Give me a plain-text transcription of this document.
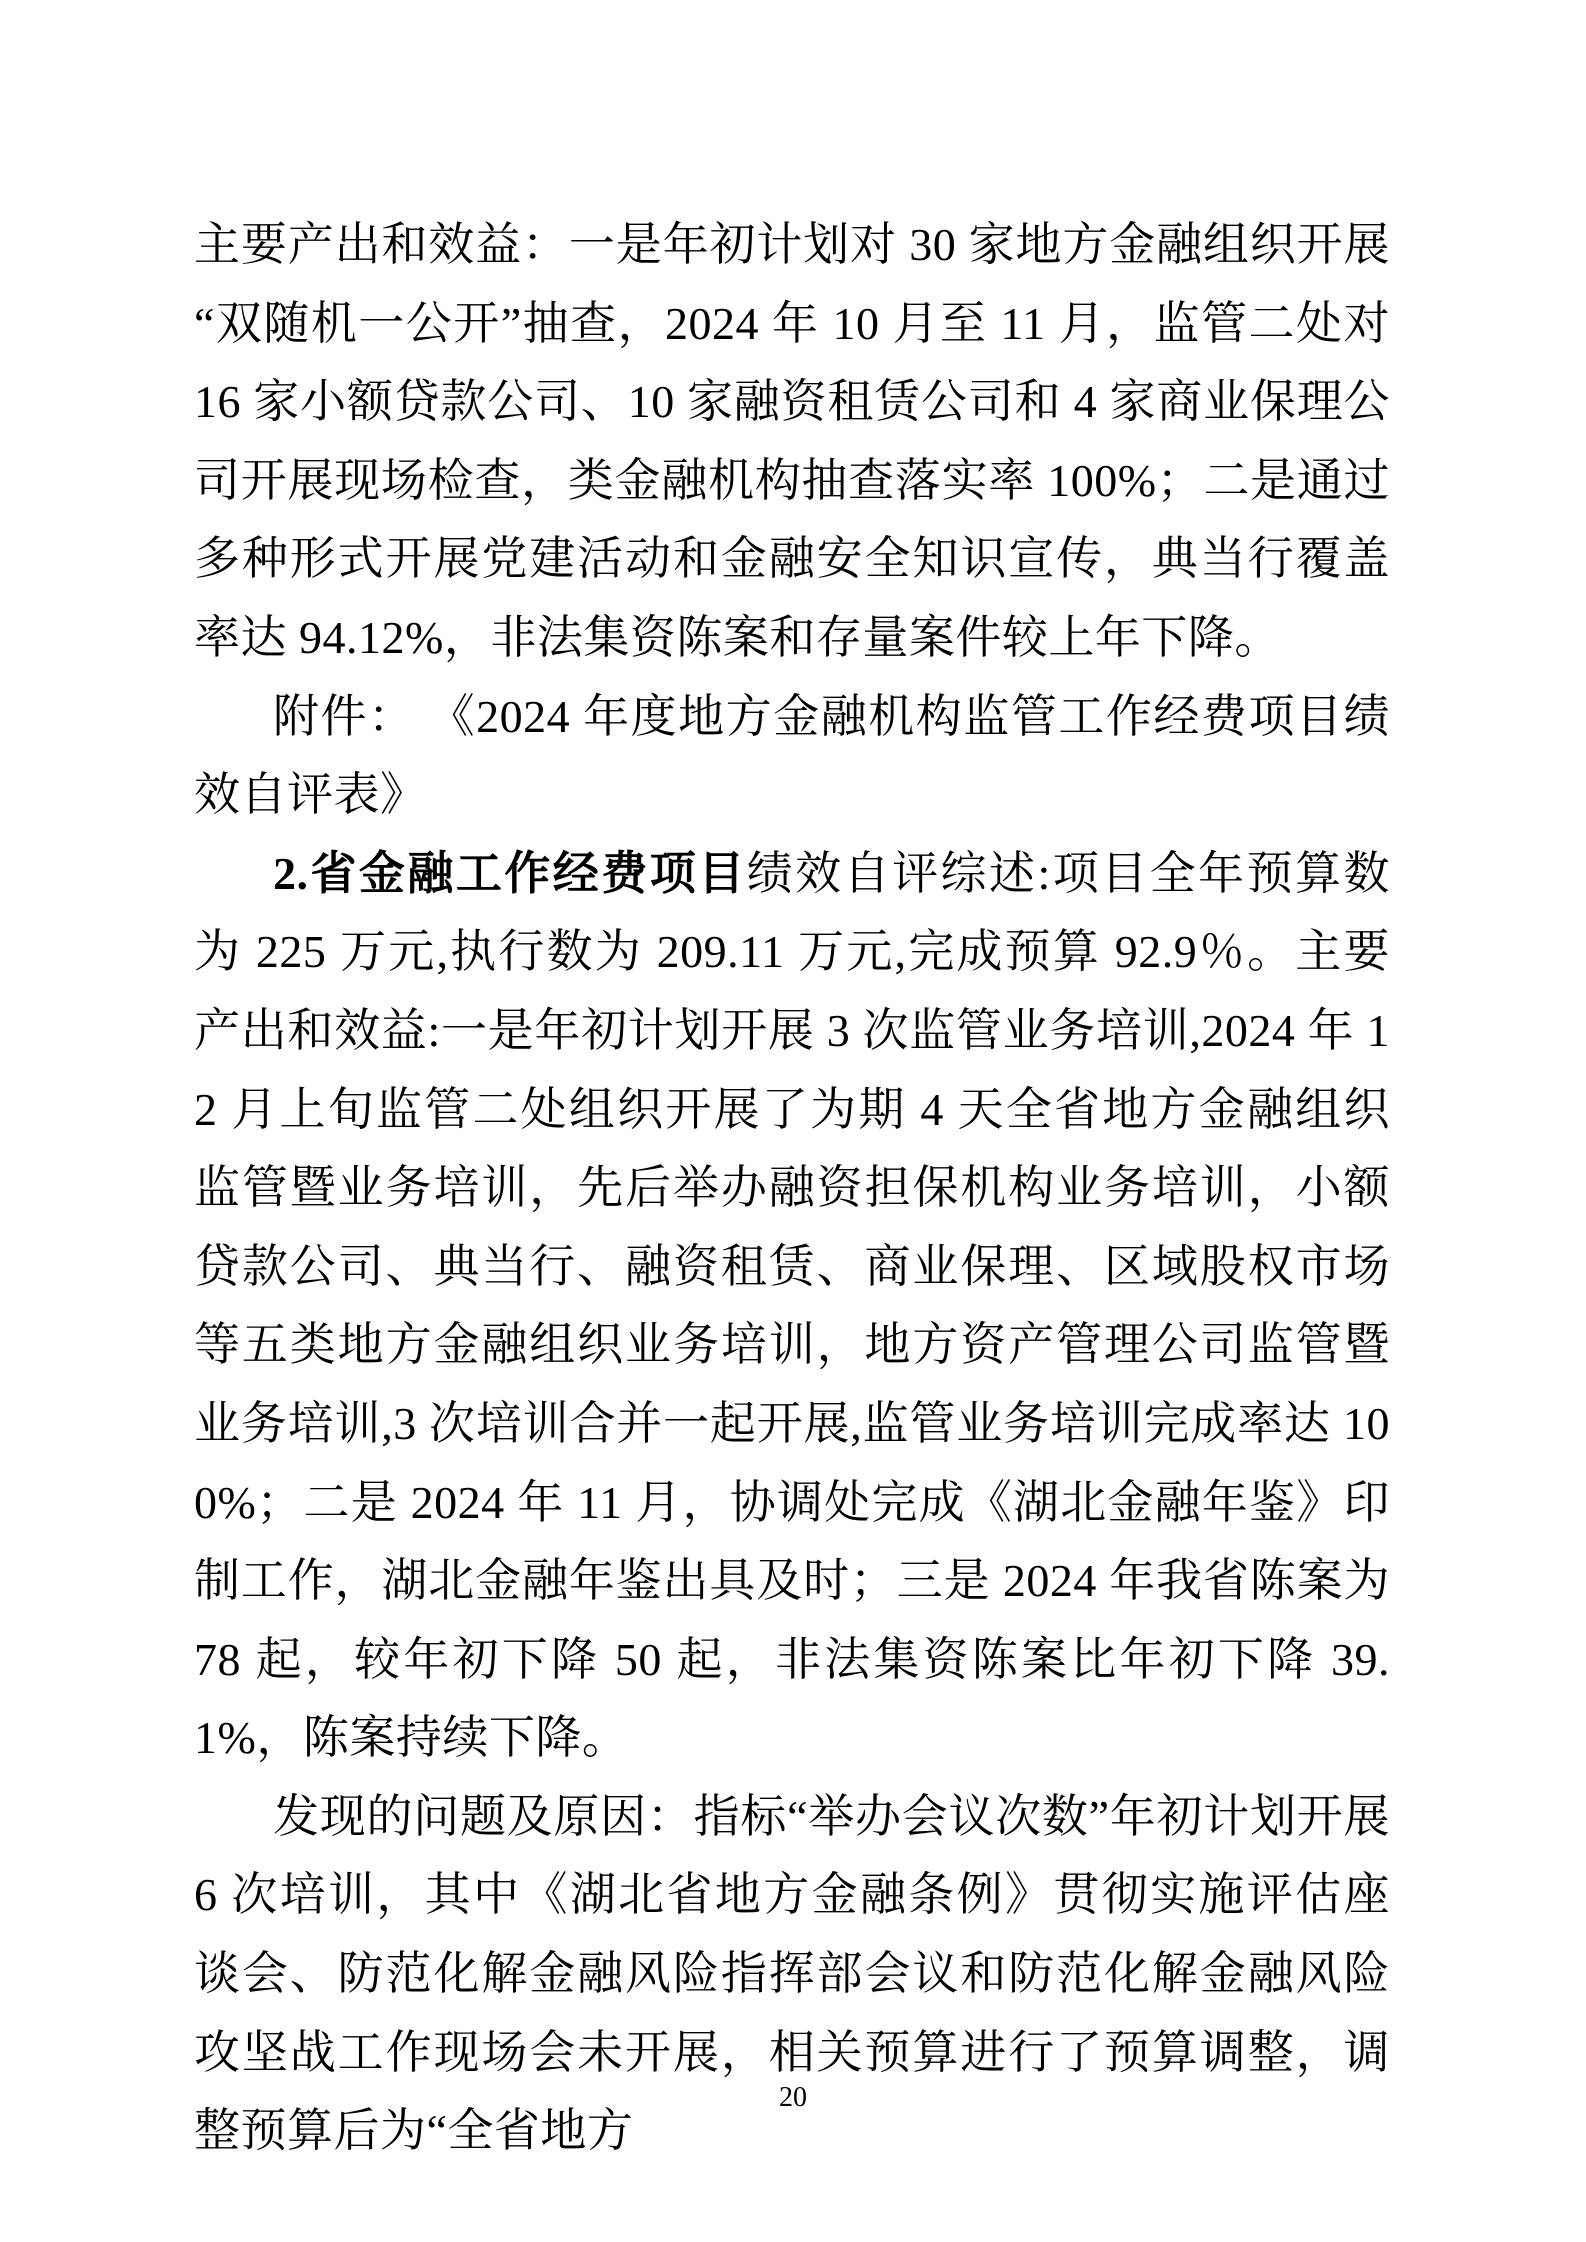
主要产出和效益：一是年初计划对 30 家地方金融组织开展“双随机一公开”抽查，2024 年 10 月至 11 月，监管二处对 16 家小额贷款公司、10 家融资租赁公司和 4 家商业保理公司开展现场检查，类金融机构抽查落实率 100%；二是通过多种形式开展党建活动和金融安全知识宣传，典当行覆盖率达 94.12%，非法集资陈案和存量案件较上年下降。

附件： 《2024 年度地方金融机构监管工作经费项目绩效自评表》

2.省金融工作经费项目绩效自评综述:项目全年预算数为 225 万元,执行数为 209.11 万元,完成预算 92.9％。主要产出和效益:一是年初计划开展 3 次监管业务培训,2024 年 12 月上旬监管二处组织开展了为期 4 天全省地方金融组织监管暨业务培训，先后举办融资担保机构业务培训，小额贷款公司、典当行、融资租赁、商业保理、区域股权市场等五类地方金融组织业务培训，地方资产管理公司监管暨业务培训,3 次培训合并一起开展,监管业务培训完成率达 100%；二是 2024 年 11 月，协调处完成《湖北金融年鉴》印制工作，湖北金融年鉴出具及时；三是 2024 年我省陈案为 78 起，较年初下降 50 起，非法集资陈案比年初下降 39.1%，陈案持续下降。

发现的问题及原因：指标“举办会议次数”年初计划开展 6 次培训，其中《湖北省地方金融条例》贯彻实施评估座谈会、防范化解金融风险指挥部会议和防范化解金融风险攻坚战工作现场会未开展，相关预算进行了预算调整，调整预算后为“全省地方

20
